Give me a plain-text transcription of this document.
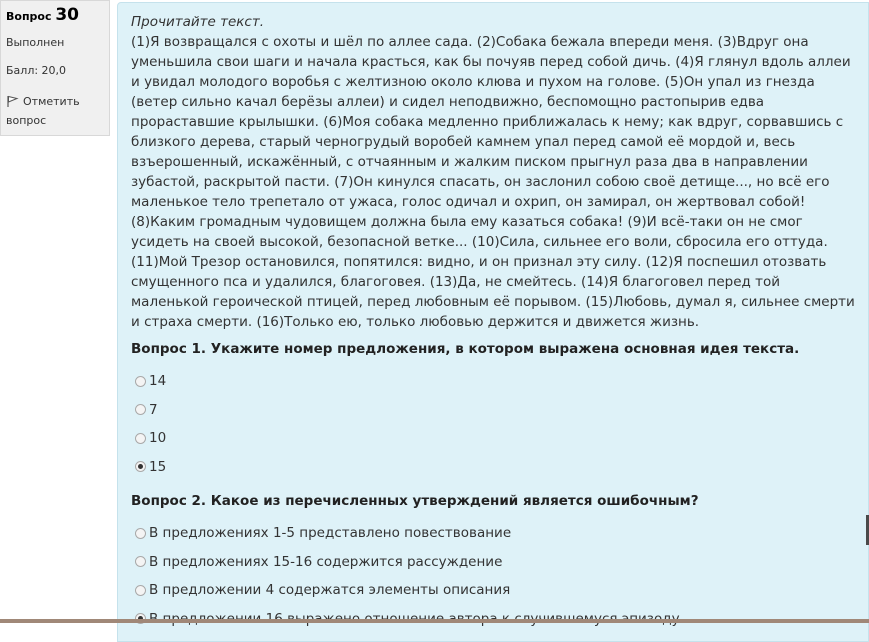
Вопрос 30
Выполнен
Балл: 20,0
Отметить
вопрос
Прочитайте текст.

(1)Я возвращался с охоты и шёл по аллее сада. (2)Собака бежала впереди меня. (3)Вдруг она уменьшила свои шаги и начала красться, как бы почуяв перед собой дичь. (4)Я глянул вдоль аллеи и увидал молодого воробья с желтизною около клюва и пухом на голове. (5)Он упал из гнезда (ветер сильно качал берёзы аллеи) и сидел неподвижно, беспомощно растопырив едва прораставшие крылышки. (6)Моя собака медленно приближалась к нему; как вдруг, сорвавшись с близкого дерева, старый черногрудый воробей камнем упал перед самой её мордой и, весь взъерошенный, искажённый, с отчаянным и жалким писком прыгнул раза два в направлении зубастой, раскрытой пасти. (7)Он кинулся спасать, он заслонил собою своё детище..., но всё его маленькое тело трепетало от ужаса, голос одичал и охрип, он замирал, он жертвовал собой! (8)Каким громадным чудовищем должна была ему казаться собака! (9)И всё-таки он не смог усидеть на своей высокой, безопасной ветке... (10)Сила, сильнее его воли, сбросила его оттуда. (11)Мой Трезор остановился, попятился: видно, и он признал эту силу. (12)Я поспешил отозвать смущенного пса и удалился, благоговея. (13)Да, не смейтесь. (14)Я благоговел перед той маленькой героической птицей, перед любовным её порывом. (15)Любовь, думал я, сильнее смерти и страха смерти. (16)Только ею, только любовью держится и движется жизнь.

Вопрос 1. Укажите номер предложения, в котором выражена основная идея текста.
14
7
10
15
Вопрос 2. Какое из перечисленных утверждений является ошибочным?
В предложениях 1-5 представлено повествование
В предложениях 15-16 содержится рассуждение
В предложении 4 содержатся элементы описания
